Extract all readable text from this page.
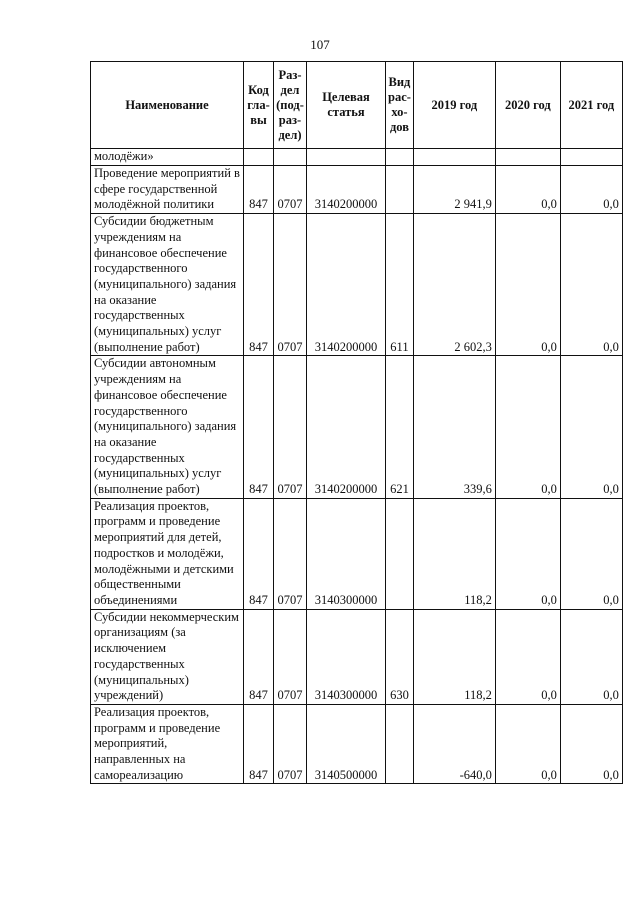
107
Наименование	Код гла- вы	Раз- дел (под- раз- дел)	Целевая статья	Вид рас- хо- дов	2019 год	2020 год	2021 год
молодёжи»							
Проведение мероприятий в сфере государственной молодёжной политики	847	0707	3140200000		2 941,9	0,0	0,0
Субсидии бюджетным учреждениям на финансовое обеспечение государственного (муниципального) задания на оказание государственных (муниципальных) услуг (выполнение работ)	847	0707	3140200000	611	2 602,3	0,0	0,0
Субсидии автономным учреждениям на финансовое обеспечение государственного (муниципального) задания на оказание государственных (муниципальных) услуг (выполнение работ)	847	0707	3140200000	621	339,6	0,0	0,0
Реализация проектов, программ и проведение мероприятий для детей, подростков и молодёжи, молодёжными и детскими общественными объединениями	847	0707	3140300000		118,2	0,0	0,0
Субсидии некоммерческим организациям (за исключением государственных (муниципальных) учреждений)	847	0707	3140300000	630	118,2	0,0	0,0
Реализация проектов, программ и проведение мероприятий, направленных на самореализацию	847	0707	3140500000		-640,0	0,0	0,0
